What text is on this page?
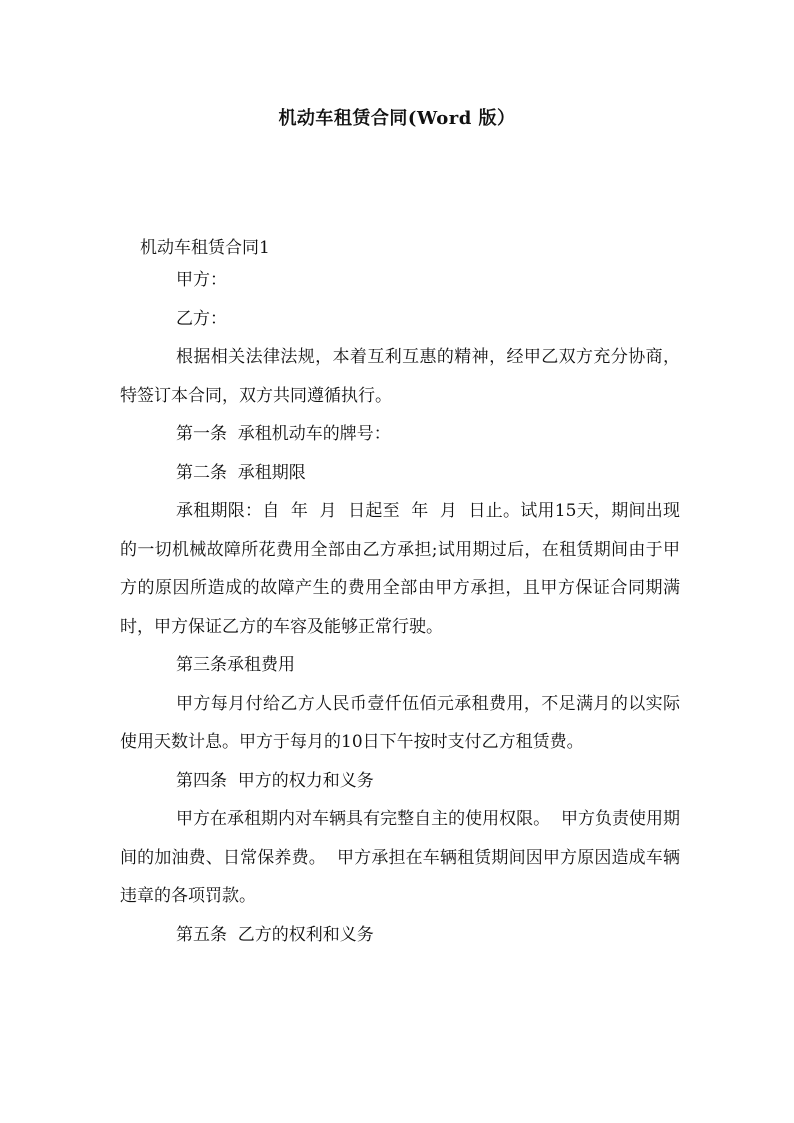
机动车租赁合同(Word 版）
机动车租赁合同1

甲方：

乙方：

根据相关法律法规，本着互利互惠的精神，经甲乙双方充分协商，特签订本合同，双方共同遵循执行。

第一条  承租机动车的牌号：

第二条  承租期限

承租期限：自  年  月  日起至  年  月  日止。试用15天，期间出现的一切机械故障所花费用全部由乙方承担;试用期过后，在租赁期间由于甲方的原因所造成的故障产生的费用全部由甲方承担，且甲方保证合同期满时，甲方保证乙方的车容及能够正常行驶。

第三条承租费用

甲方每月付给乙方人民币壹仟伍佰元承租费用，不足满月的以实际使用天数计息。甲方于每月的10日下午按时支付乙方租赁费。

第四条  甲方的权力和义务

甲方在承租期内对车辆具有完整自主的使用权限。  甲方负责使用期间的加油费、日常保养费。  甲方承担在车辆租赁期间因甲方原因造成车辆违章的各项罚款。

第五条  乙方的权利和义务
